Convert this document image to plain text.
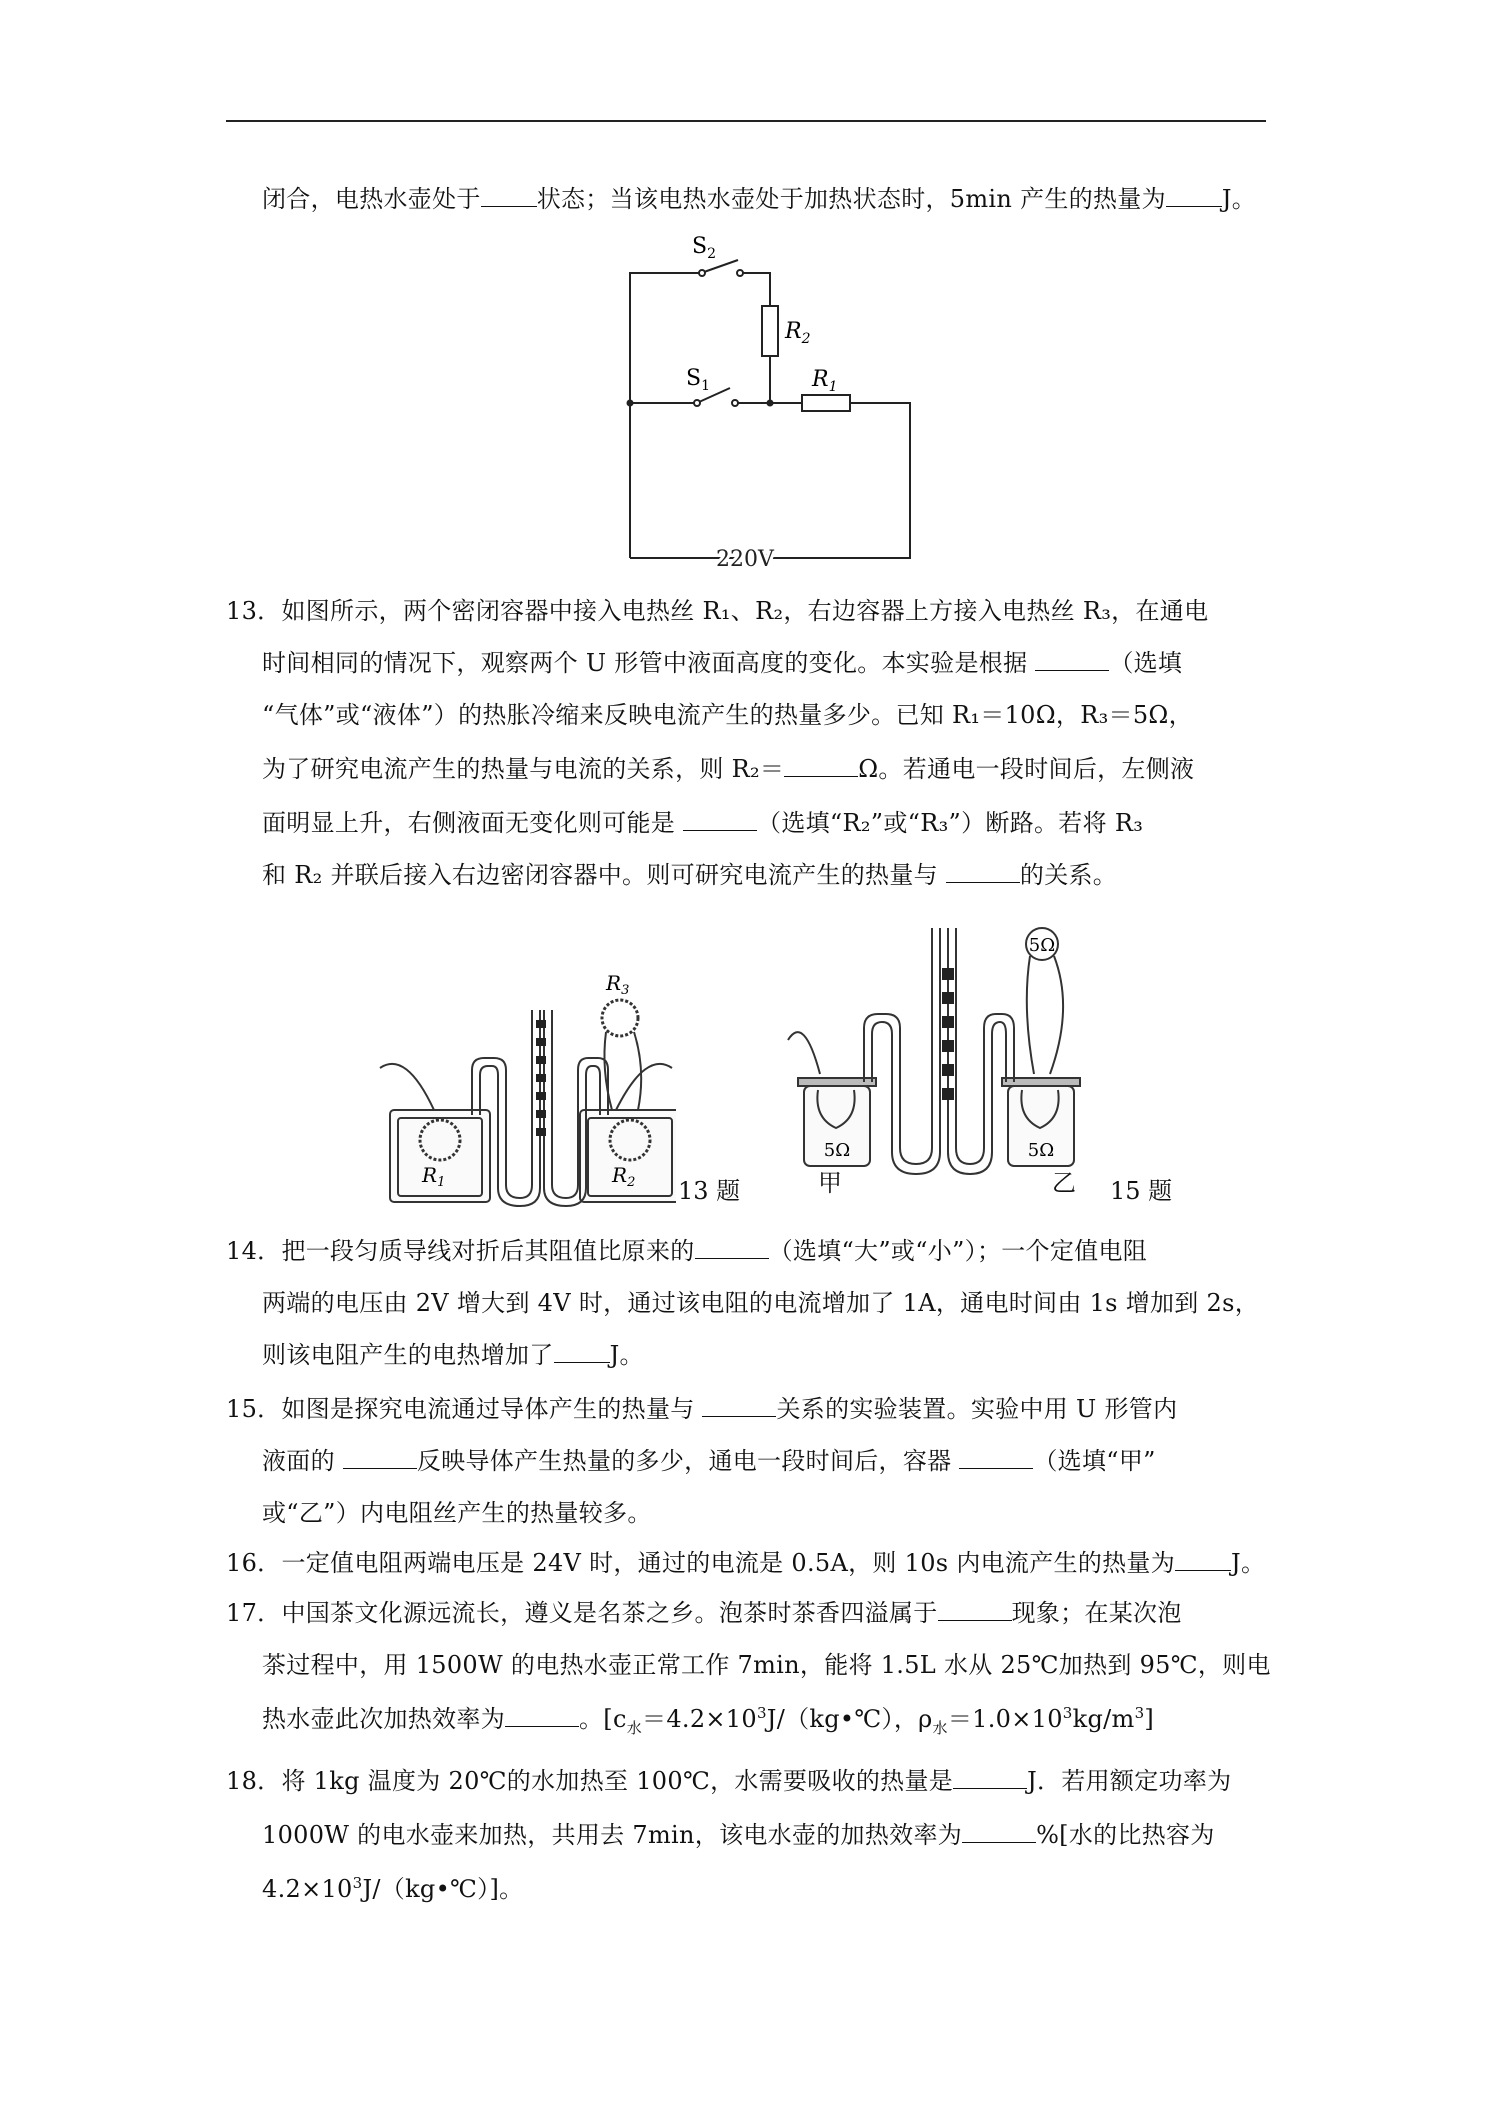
闭合，电热水壶处于 状态；当该电热水壶处于加热状态时，5min 产生的热量为 J。
$S_2$
$R_2$
$S_1$	$R_1$
220V
13．如图所示，两个密闭容器中接入电热丝 R₁、R₂，右边容器上方接入电热丝 R₃，在通电
时间相同的情况下，观察两个 U 形管中液面高度的变化。本实验是根据	（选填
“气体”或“液体”）的热胀冷缩来反映电流产生的热量多少。已知 R₁＝10Ω，R₃＝5Ω，
为了研究电流产生的热量与电流的关系，则 R₂＝	Ω。若通电一段时间后，左侧液
面明显上升，右侧液面无变化则可能是	（选填“R₂”或“R₃”）断路。若将 R₃
和 R₂ 并联后接入右边密闭容器中。则可研究电流产生的热量与	的关系。
$R_1$	$R_2$
$R_3$
13 题
5Ω
5Ω	5Ω
甲	乙 15 题
14．把一段匀质导线对折后其阻值比原来的	（选填“大”或“小”）；一个定值电阻
两端的电压由 2V 增大到 4V 时，通过该电阻的电流增加了 1A，通电时间由 1s 增加到 2s，
则该电阻产生的电热增加了 J。
15．如图是探究电流通过导体产生的热量与	关系的实验装置。实验中用 U 形管内
液面的	反映导体产生热量的多少，通电一段时间后，容器	（选填“甲”
或“乙”）内电阻丝产生的热量较多。
16．一定值电阻两端电压是 24V 时，通过的电流是 0.5A，则 10s 内电流产生的热量为 J。
17．中国茶文化源远流长，遵义是名茶之乡。泡茶时茶香四溢属于	现象；在某次泡
茶过程中，用 1500W 的电热水壶正常工作 7min，能将 1.5L 水从 25℃加热到 95℃，则电
热水壶此次加热效率为	。[$c_水=4.2\times 10^3J/(kg•℃)$，$\rho_水=1.0\times 10^3kg/m^3$]
18．将 1kg 温度为 20℃的水加热至 100℃，水需要吸收的热量是	J．若用额定功率为
1000W 的电水壶来加热，共用去 7min，该电水壶的加热效率为	%[水的比热容为
$4.2\times 10^3J/(kg•℃)$]。
